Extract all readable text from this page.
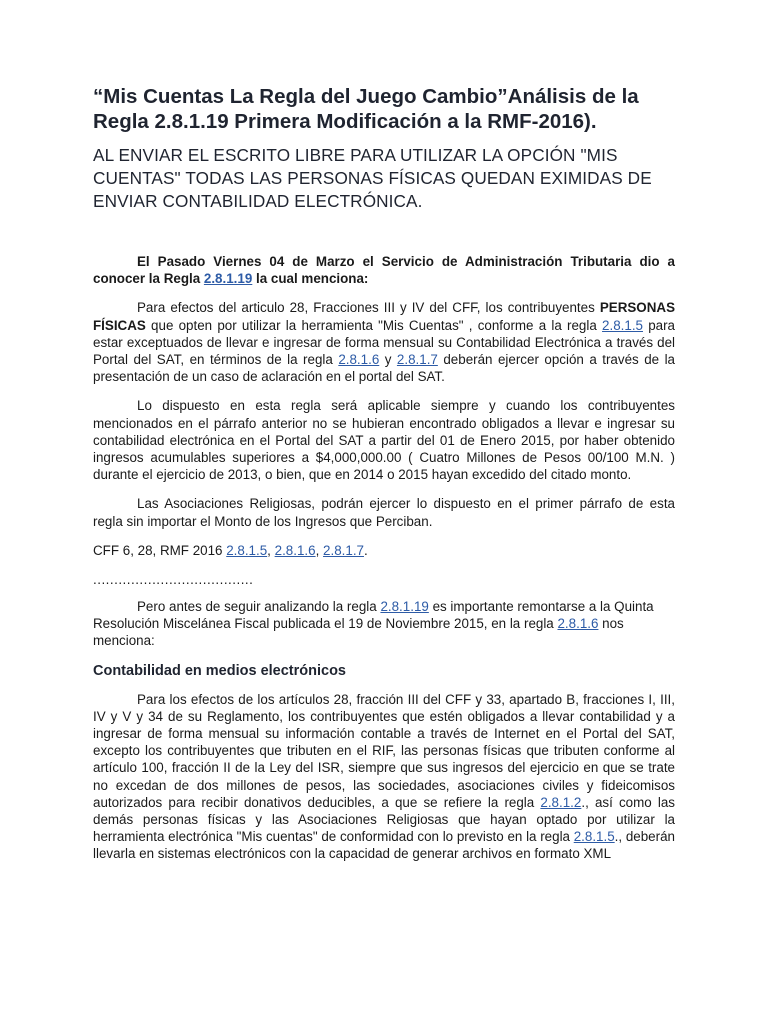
“Mis Cuentas La Regla del Juego Cambio”Análisis de la Regla 2.8.1.19 Primera Modificación a la RMF-2016).
AL ENVIAR EL ESCRITO LIBRE PARA UTILIZAR LA OPCIÓN "MIS CUENTAS" TODAS LAS PERSONAS FÍSICAS QUEDAN EXIMIDAS DE ENVIAR CONTABILIDAD ELECTRÓNICA.

El Pasado Viernes 04 de Marzo el Servicio de Administración Tributaria dio a conocer la Regla 2.8.1.19 la cual menciona:

Para efectos del articulo 28, Fracciones III y IV del CFF, los contribuyentes PERSONAS FÍSICAS que opten por utilizar la herramienta "Mis Cuentas" , conforme a la regla 2.8.1.5 para estar exceptuados de llevar e ingresar de forma mensual su Contabilidad Electrónica a través del Portal del SAT, en términos de la regla 2.8.1.6 y 2.8.1.7 deberán ejercer opción a través de la presentación de un caso de aclaración en el portal del SAT.

Lo dispuesto en esta regla será aplicable siempre y cuando los contribuyentes mencionados en el párrafo anterior no se hubieran encontrado obligados a llevar e ingresar su contabilidad electrónica en el Portal del SAT a partir del 01 de Enero 2015, por haber obtenido ingresos acumulables superiores a $4,000,000.00 ( Cuatro Millones de Pesos 00/100 M.N. ) durante el ejercicio de 2013, o bien, que en 2014 o 2015 hayan excedido del citado monto.

Las Asociaciones Religiosas, podrán ejercer lo dispuesto en el primer párrafo de esta regla sin importar el Monto de los Ingresos que Perciban.

CFF 6, 28, RMF 2016 2.8.1.5, 2.8.1.6, 2.8.1.7.

......................................

Pero antes de seguir analizando la regla 2.8.1.19 es importante remontarse a la Quinta Resolución Miscelánea Fiscal publicada el 19 de Noviembre 2015, en la regla 2.8.1.6 nos menciona:

Contabilidad en medios electrónicos

Para los efectos de los artículos 28, fracción III del CFF y 33, apartado B, fracciones I, III, IV y V y 34 de su Reglamento, los contribuyentes que estén obligados a llevar contabilidad y a ingresar de forma mensual su información contable a través de Internet en el Portal del SAT, excepto los contribuyentes que tributen en el RIF, las personas físicas que tributen conforme al artículo 100, fracción II de la Ley del ISR, siempre que sus ingresos del ejercicio en que se trate no excedan de dos millones de pesos, las sociedades, asociaciones civiles y fideicomisos autorizados para recibir donativos deducibles, a que se refiere la regla 2.8.1.2., así como las demás personas físicas y las Asociaciones Religiosas que hayan optado por utilizar la herramienta electrónica "Mis cuentas" de conformidad con lo previsto en la regla 2.8.1.5., deberán llevarla en sistemas electrónicos con la capacidad de generar archivos en formato XML
